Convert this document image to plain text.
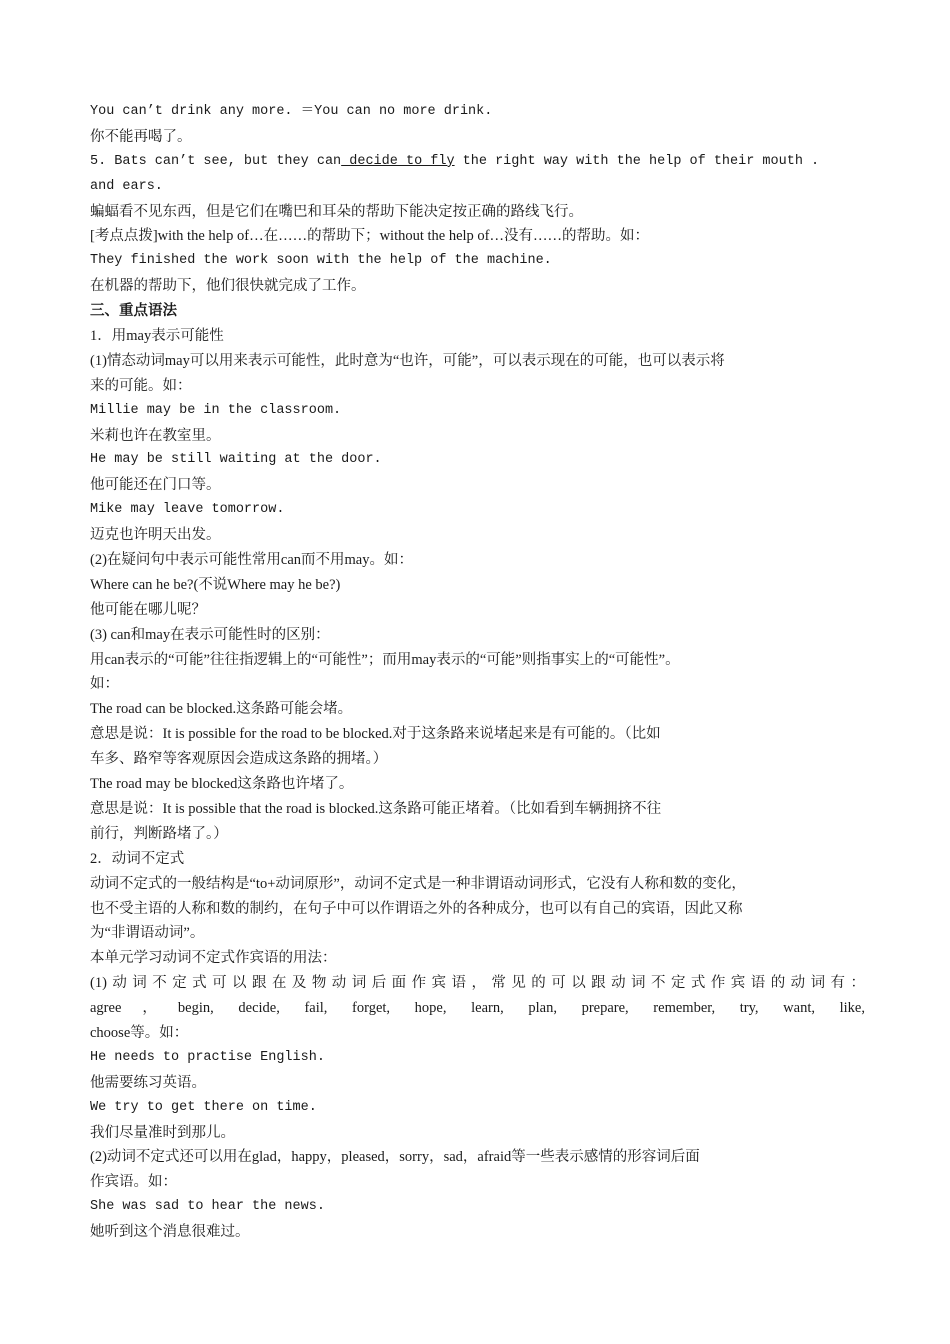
You can’t drink any more. ＝You can no more drink.
你不能再喝了。
5. Bats can’t see, but they can decide to fly the right way with the help of their mouth .
and ears.
蝙蝠看不见东西，但是它们在嘴巴和耳朵的帮助下能决定按正确的路线飞行。
[考点点拨]with the help of…在……的帮助下；without the help of…没有……的帮助。如：
They finished the work soon with the help of the machine.
在机器的帮助下，他们很快就完成了工作。
三、重点语法
1．用may表示可能性
(1)情态动词may可以用来表示可能性，此时意为“也许，可能”，可以表示现在的可能，也可以表示将
来的可能。如：
Millie may be in the classroom.
米莉也许在教室里。
He may be still waiting at the door.
他可能还在门口等。
Mike may leave tomorrow.
迈克也许明天出发。
(2)在疑问句中表示可能性常用can而不用may。如：
Where can he be?(不说Where may he be?)
他可能在哪儿呢？
(3) can和may在表示可能性时的区别：
用can表示的“可能”往往指逻辑上的“可能性”；而用may表示的“可能”则指事实上的“可能性”。
如：
The road can be blocked.这条路可能会堵。
意思是说：It is possible for the road to be blocked.对于这条路来说堵起来是有可能的。（比如
车多、路窄等客观原因会造成这条路的拥堵。）
The road may be blocked这条路也许堵了。
意思是说：It is possible that the road is blocked.这条路可能正堵着。（比如看到车辆拥挤不往
前行，判断路堵了。）
2．动词不定式
动词不定式的一般结构是“to+动词原形”，动词不定式是一种非谓语动词形式，它没有人称和数的变化，
也不受主语的人称和数的制约，在句子中可以作谓语之外的各种成分，也可以有自己的宾语，因此又称
为“非谓语动词”。
本单元学习动词不定式作宾语的用法：
(1)动词不定式可以跟在及物动词后面作宾语，常见的可以跟动词不定式作宾语的动词有：
agree，begin, decide, fail, forget, hope, learn, plan, prepare, remember, try, want, like,
choose等。如：
He needs to practise English.
他需要练习英语。
We try to get there on time.
我们尽量准时到那儿。
(2)动词不定式还可以用在glad，happy，pleased，sorry，sad，afraid等一些表示感情的形容词后面
作宾语。如：
She was sad to hear the news.
她听到这个消息很难过。
